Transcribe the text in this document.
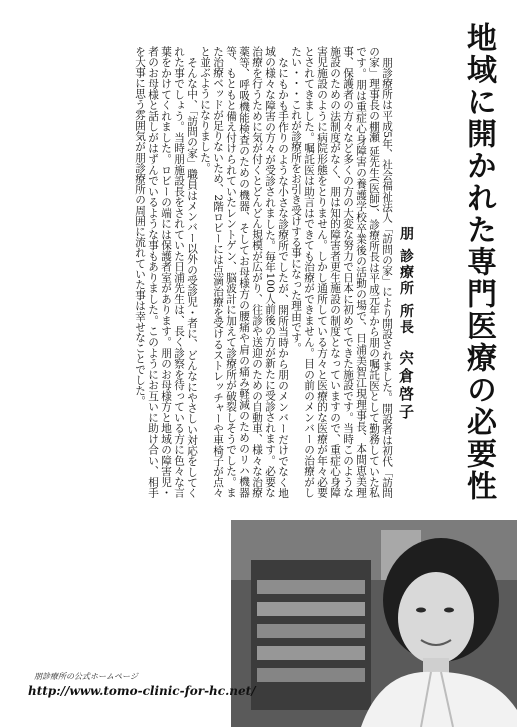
地域に開かれた専門医療の必要性
朋 診療所 所長宍倉啓子

朋診療所は平成5年、社会福祉法人「訪問の家」により開設されました。開設者は初代「訪問の家」理事長の棚瀬 延先生(医師)、診療所長は平成元年から朋の嘱託医として勤務していた私です。朋は重症心身障害の養護学校卒業後の活動の場で、日浦美智江現理事長、本間恵美理事、保護者の方々など多くの方の大変な努力で日本に初めてできた施設です。当時このような施設のための法制度がなく、朋は知的障害者更生施設の制度となっていますので、重症心身障害児施設のように病院形態をとりません。しかし通所している方々と医療的な医療が年々必要とされてきました。嘱託医は助言はできても治療ができません。目の前のメンバーの治療がしたい・・・これが診療所をお引き受けする事になった理由です。

なにもかも手作りのような小さな診療所でしたが、開所当時から朋のメンバーだけでなく地域の様々な障害の方々が受診されました。毎年100人前後の方が新たに受診されます。必要な治療を行うために気が付くとどんどん規模が広がり、往診や送迎のための自動車、様々な治療薬等、呼吸機能検査のための機器、そしてお母様方の腰痛や肩の痛み軽減のためのリハ機器等、もともと備え付けられていたレントゲン、脳波計に加えて診療所が破裂しそうでした。また治療ベッドが足りないため、2階ロビーには点滴治療を受けるストレッチャーや車椅子が点々と並ぶようになりました。

そんな中、「訪問の家」職員はメンバー以外の受診児・者に、どんなにやさしい対応をしてくれた事でしょう。当時朋施設長をされていた日浦先生は、長く診察を待っている方に色々な言葉をかけてくれました。ロビーの端には保護者室があります。朋のお母様方と地域の障害児・者のお母様と話しがはずんでいるような事もありました。このようにお互いに助け合い、相手を大事に思う雰囲気が朋診療所の周囲に流れていた事は幸せなことでした。

朋診療所の公式ホームページ
http://www.tomo-clinic-for-hc.net/
